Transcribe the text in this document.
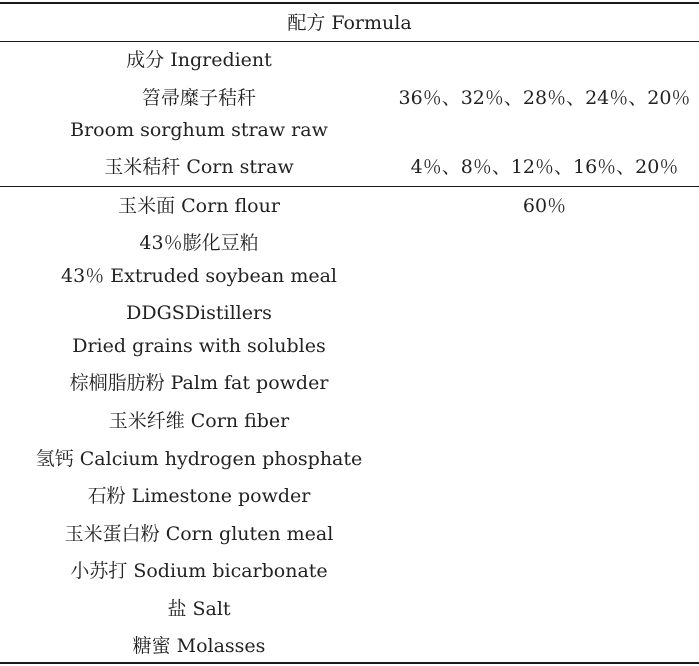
配方 Formula
成分 Ingredient
笤帚糜子秸秆	36％、32％、28％、24％、20％
Broom sorghum straw raw
玉米秸秆 Corn straw	4％、8％、12％、16％、20％
玉米面 Corn flour	60％
43％膨化豆粕
43％ Extruded soybean meal
DDGSDistillers
Dried grains with solubles
棕榈脂肪粉 Palm fat powder
玉米纤维 Corn fiber
氢钙 Calcium hydrogen phosphate
石粉 Limestone powder
玉米蛋白粉 Corn gluten meal
小苏打 Sodium bicarbonate
盐 Salt
糖蜜 Molasses
